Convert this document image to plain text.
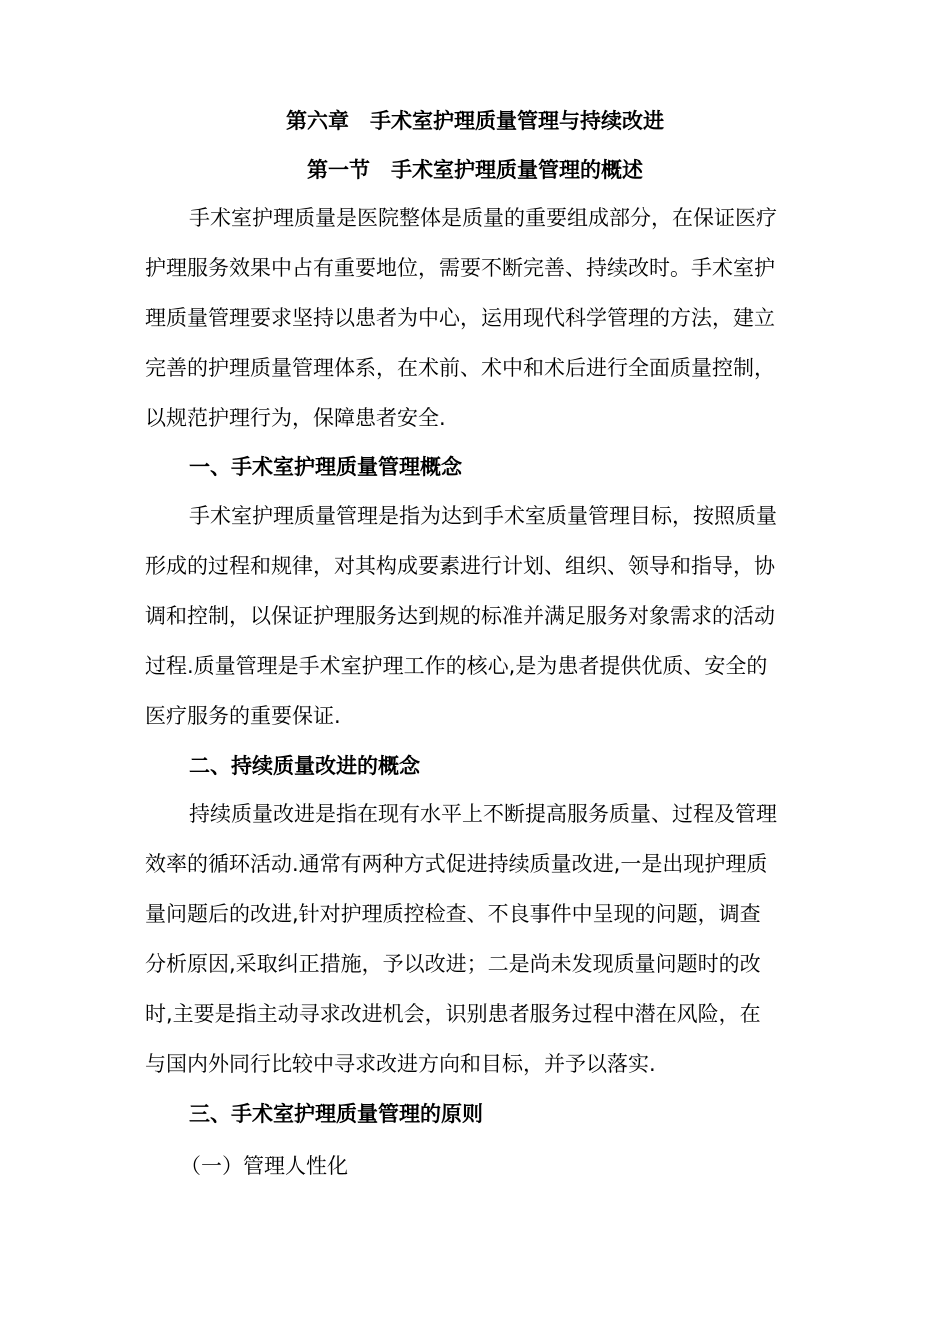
第六章　手术室护理质量管理与持续改进
第一节　手术室护理质量管理的概述
手术室护理质量是医院整体是质量的重要组成部分，在保证医疗
护理服务效果中占有重要地位，需要不断完善、持续改时。手术室护
理质量管理要求坚持以患者为中心，运用现代科学管理的方法，建立
完善的护理质量管理体系，在术前、术中和术后进行全面质量控制，
以规范护理行为，保障患者安全.
一、手术室护理质量管理概念
手术室护理质量管理是指为达到手术室质量管理目标，按照质量
形成的过程和规律，对其构成要素进行计划、组织、领导和指导，协
调和控制，以保证护理服务达到规的标准并满足服务对象需求的活动
过程.质量管理是手术室护理工作的核心,是为患者提供优质、安全的
医疗服务的重要保证.
二、持续质量改进的概念
持续质量改进是指在现有水平上不断提高服务质量、过程及管理
效率的循环活动.通常有两种方式促进持续质量改进,一是出现护理质
量问题后的改进,针对护理质控检查、不良事件中呈现的问题，调查
分析原因,采取纠正措施，予以改进；二是尚未发现质量问题时的改
时,主要是指主动寻求改进机会，识别患者服务过程中潜在风险，在
与国内外同行比较中寻求改进方向和目标，并予以落实.
三、手术室护理质量管理的原则
（一）管理人性化
